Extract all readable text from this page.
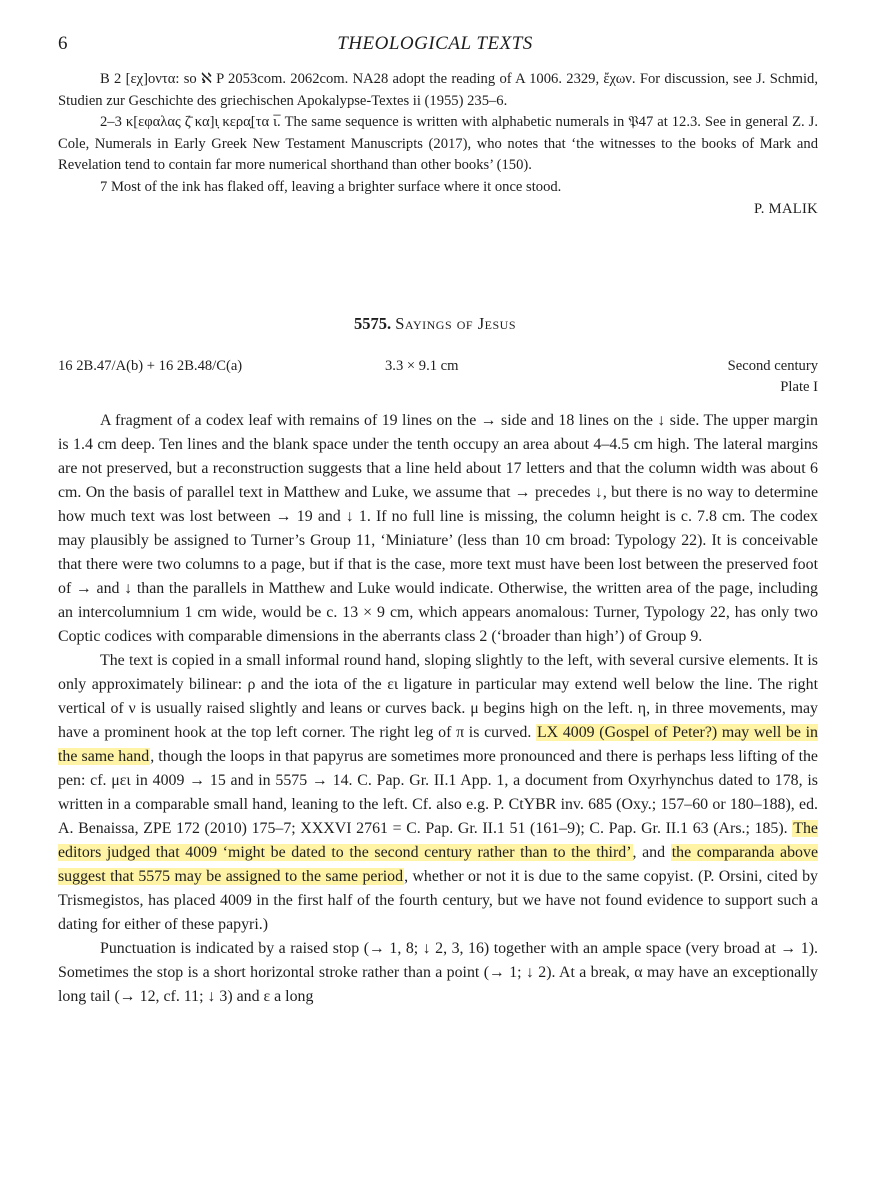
6	THEOLOGICAL TEXTS

B 2 [εχ]οντα: so ℵ P 2053com. 2062com. NA28 adopt the reading of A 1006. 2329, ἔχων. For discussion, see J. Schmid, Studien zur Geschichte des griechischen Apokalypse-Textes ii (1955) 235–6.

2–3 κ[εφαλας ζ̄ κα]ι̣ κερα̣[τα ι̅. The same sequence is written with alphabetic numerals in 𝔓47 at 12.3. See in general Z. J. Cole, Numerals in Early Greek New Testament Manuscripts (2017), who notes that ‘the witnesses to the books of Mark and Revelation tend to contain far more numerical shorthand than other books’ (150).

7 Most of the ink has flaked off, leaving a brighter surface where it once stood.

P. MALIK

5575. Sayings of Jesus
16 2B.47/A(b) + 16 2B.48/C(a)	3.3 × 9.1 cm	Second century
Plate I

A fragment of a codex leaf with remains of 19 lines on the → side and 18 lines on the ↓ side. The upper margin is 1.4 cm deep. Ten lines and the blank space under the tenth occupy an area about 4–4.5 cm high. The lateral margins are not preserved, but a reconstruction suggests that a line held about 17 letters and that the column width was about 6 cm. On the basis of parallel text in Matthew and Luke, we assume that → precedes ↓, but there is no way to determine how much text was lost between → 19 and ↓ 1. If no full line is missing, the column height is c. 7.8 cm. The codex may plausibly be assigned to Turner’s Group 11, ‘Miniature’ (less than 10 cm broad: Typology 22). It is conceivable that there were two columns to a page, but if that is the case, more text must have been lost between the preserved foot of → and ↓ than the parallels in Matthew and Luke would indicate. Otherwise, the written area of the page, including an intercolumnium 1 cm wide, would be c. 13 × 9 cm, which appears anomalous: Turner, Typology 22, has only two Coptic codices with comparable dimensions in the aberrants class 2 (‘broader than high’) of Group 9.

The text is copied in a small informal round hand, sloping slightly to the left, with several cursive elements. It is only approximately bilinear: ρ and the iota of the ει ligature in particular may extend well below the line. The right vertical of ν is usually raised slightly and leans or curves back. μ begins high on the left. η, in three movements, may have a prominent hook at the top left corner. The right leg of π is curved. LX 4009 (Gospel of Peter?) may well be in the same hand, though the loops in that papyrus are sometimes more pronounced and there is perhaps less lifting of the pen: cf. μει in 4009 → 15 and in 5575 → 14. C. Pap. Gr. II.1 App. 1, a document from Oxyrhynchus dated to 178, is written in a comparable small hand, leaning to the left. Cf. also e.g. P. CtYBR inv. 685 (Oxy.; 157–60 or 180–188), ed. A. Benaissa, ZPE 172 (2010) 175–7; XXXVI 2761 = C. Pap. Gr. II.1 51 (161–9); C. Pap. Gr. II.1 63 (Ars.; 185). The editors judged that 4009 ‘might be dated to the second century rather than to the third’, and the comparanda above suggest that 5575 may be assigned to the same period, whether or not it is due to the same copyist. (P. Orsini, cited by Trismegistos, has placed 4009 in the first half of the fourth century, but we have not found evidence to support such a dating for either of these papyri.)

Punctuation is indicated by a raised stop (→ 1, 8; ↓ 2, 3, 16) together with an ample space (very broad at → 1). Sometimes the stop is a short horizontal stroke rather than a point (→ 1; ↓ 2). At a break, α may have an exceptionally long tail (→ 12, cf. 11; ↓ 3) and ε a long
